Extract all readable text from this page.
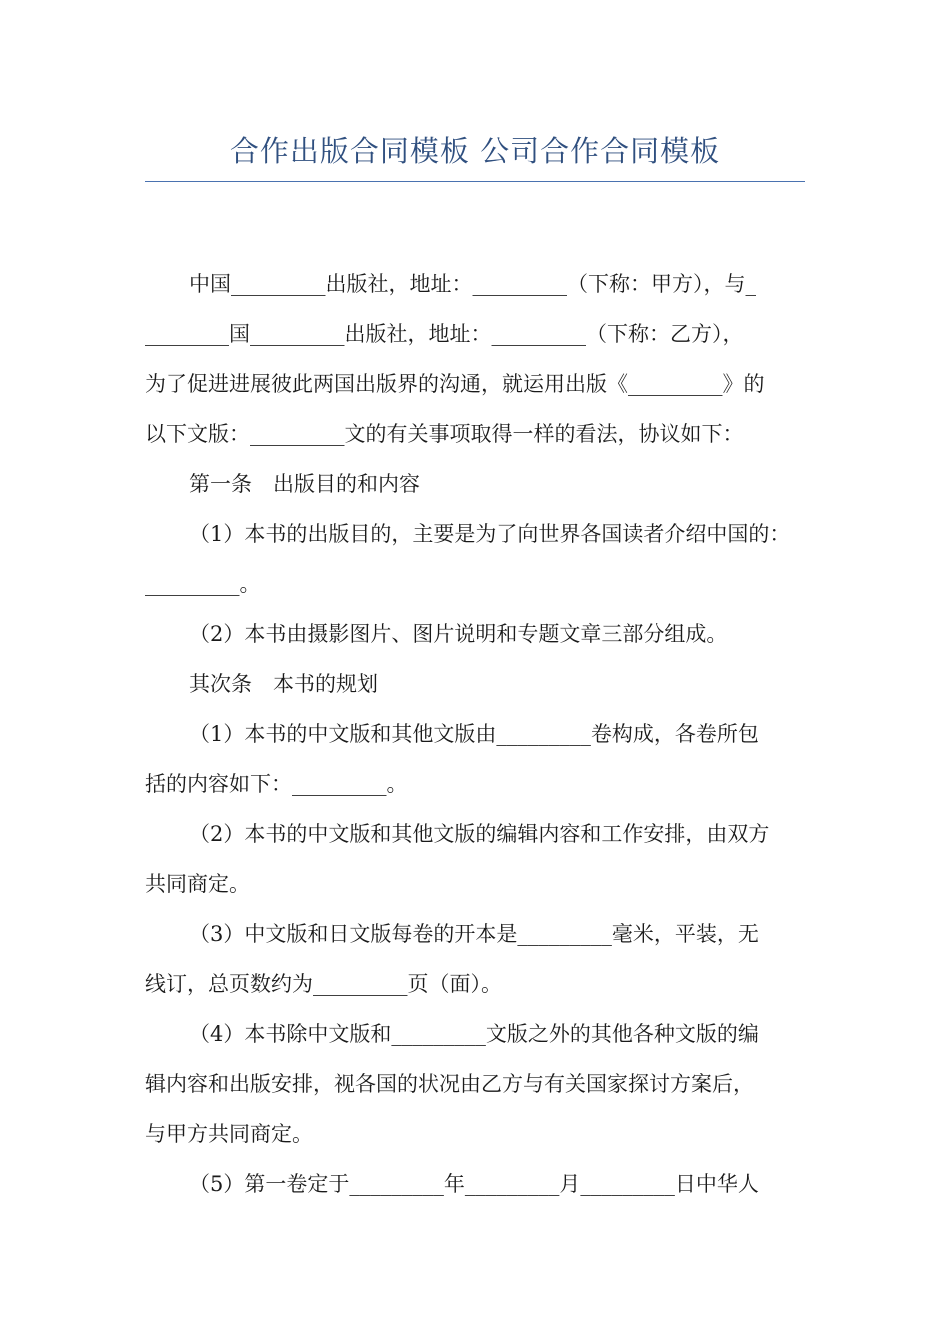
合作出版合同模板 公司合作合同模板
中国_________出版社，地址：_________（下称：甲方），与_
________国_________出版社，地址：_________（下称：乙方），
为了促进进展彼此两国出版界的沟通，就运用出版《_________》的
以下文版：_________文的有关事项取得一样的看法，协议如下：
第一条　出版目的和内容
（1）本书的出版目的，主要是为了向世界各国读者介绍中国的：
_________。
（2）本书由摄影图片、图片说明和专题文章三部分组成。
其次条　本书的规划
（1）本书的中文版和其他文版由_________卷构成，各卷所包
括的内容如下：_________。
（2）本书的中文版和其他文版的编辑内容和工作安排，由双方
共同商定。
（3）中文版和日文版每卷的开本是_________毫米，平装，无
线订，总页数约为_________页（面）。
（4）本书除中文版和_________文版之外的其他各种文版的编
辑内容和出版安排，视各国的状况由乙方与有关国家探讨方案后，
与甲方共同商定。
（5）第一卷定于_________年_________月_________日中华人
